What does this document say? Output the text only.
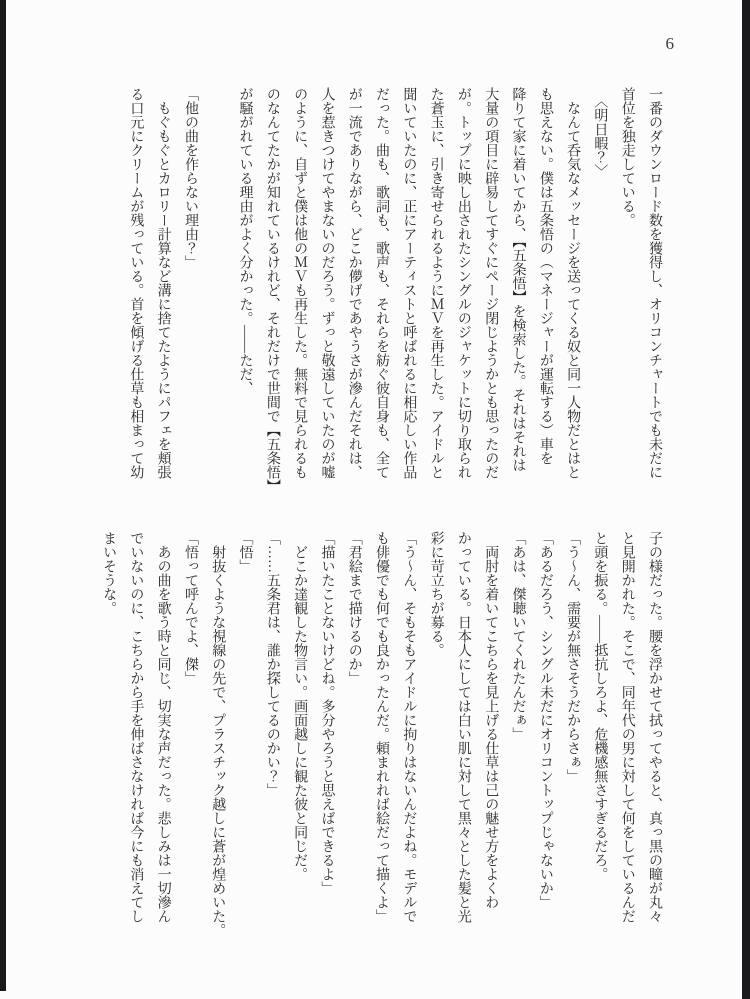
6

一番のダウンロード数を獲得し、オリコンチャートでも未だに

首位を独走している。

　〈明日暇？〉

　なんて呑気なメッセージを送ってくる奴と同一人物だとはと

も思えない。僕は五条悟の（マネージャーが運転する）車を

降りて家に着いてから、【五条悟】を検索した。それはそれは

大量の項目に辟易してすぐにページ閉じようかとも思ったのだ

が。トップに映し出されたシングルのジャケットに切り取られ

た蒼玉に、引き寄せられるようにＭＶを再生した。アイドルと

聞いていたのに、正にアーティストと呼ばれるに相応しい作品

だった。曲も、歌詞も、歌声も、それらを紡ぐ彼自身も、全て

が一流でありながら、どこか儚げであやうさが滲んだそれは、

人を惹きつけてやまないのだろう。ずっと敬遠していたのが嘘

のように、自ずと僕は他のＭＶも再生した。無料で見られるも

のなんてたかが知れているけれど、それだけで世間で【五条悟】

が騒がれている理由がよく分かった。――ただ、

「他の曲を作らない理由？」

　もぐもぐとカロリー計算など溝に捨てたようにパフェを頬張

る口元にクリームが残っている。首を傾げる仕草も相まって幼

子の様だった。腰を浮かせて拭ってやると、真っ黒の瞳が丸々

と見開かれた。そこで、同年代の男に対して何をしているんだ

と頭を振る。――抵抗しろよ、危機感無さすぎるだろ。

「う～ん、需要が無さそうだからさぁ」

「あるだろう、シングル未だにオリコントップじゃないか」

「あは、傑聴いてくれたんだぁ」

　両肘を着いてこちらを見上げる仕草は己の魅せ方をよくわ

かっている。日本人にしては白い肌に対して黒々とした髪と光

彩に苛立ちが募る。

「う～ん、そもそもアイドルに拘りはないんだよね。モデルで

も俳優でも何でも良かったんだ。頼まれれば絵だって描くよ」

「君絵まで描けるのか」

「描いたことないけどね。多分やろうと思えばできるよ」

　どこか達観した物言い。画面越しに観た彼と同じだ。

「……五条君は、誰か探してるのかい？」

「悟」

　射抜くような視線の先で、プラスチック越しに蒼が煌めいた。

「悟って呼んでよ、傑」

　あの曲を歌う時と同じ、切実な声だった。悲しみは一切滲ん

でいないのに、こちらから手を伸ばさなければ今にも消えてし

まいそうな。
